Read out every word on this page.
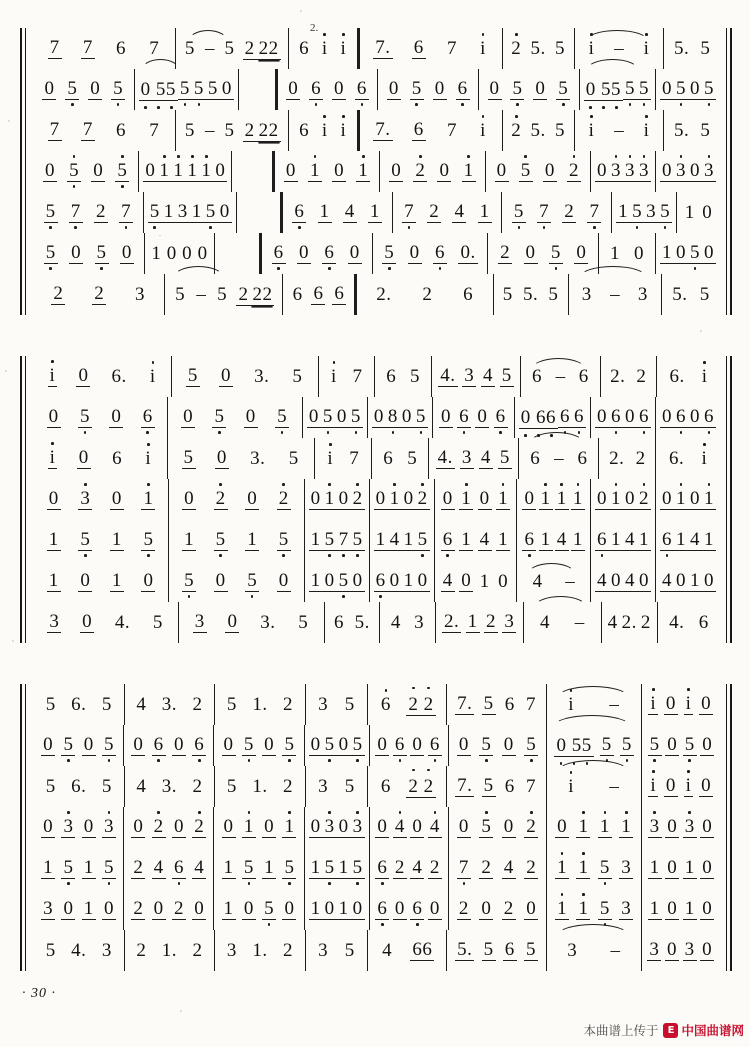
2.
7 7 6 7 5 – 5 2 22 6 i i 7. 6 7 i 2 5. 5 i – i 5. 5
0 5 0 5 0 55 5 5 5 0	0 6 0 6 0 5 0 6 0 5 0 5 0 55 5 5 0 5 0 5
7 7 6 7 5 – 5 2 22 6 i i 7. 6 7 i 2 5. 5 i – i 5. 5
0 5 0 5 0 1 1 1 1 0	0 1 0 1 0 2 0 1 0 5 0 2 0 3 3 3 0 3 0 3
5 7 2 7 5 1 3 1 5 0	6 1 4 1 7 2 4 1 5 7 2 7 1 5 3 5 1 0
5 0 5 0 1 0 0 0	6 0 6 0 5 0 6 0. 2 0 5 0 1 0 1 0 5 0
2 2 3 5 – 5 2 22 6 6 6 2. 2 6 5 5. 5 3 – 3 5. 5
i 0 6. i 5 0 3. 5 i 7 6 5 4. 3 4 5 6 – 6 2. 2 6. i
0 5 0 6 0 5 0 5 0 5 0 5 0 8 0 5 0 6 0 6 0 66 6 6 0 6 0 6 0 6 0 6
i 0 6 i 5 0 3. 5 i 7 6 5 4. 3 4 5 6 – 6 2. 2 6. i
0 3 0 1 0 2 0 2 0 1 0 2 0 1 0 2 0 1 0 1 0 1 1 1 0 1 0 2 0 1 0 1
1 5 1 5 1 5 1 5 1 5 7 5 1 4 1 5 6 1 4 1 6 1 4 1 6 1 4 1 6 1 4 1
1 0 1 0 5 0 5 0 1 0 5 0 6 0 1 0 4 0 1 0 4 – 4 0 4 0 4 0 1 0
3 0 4. 5 3 0 3. 5 6 5. 4 3 2. 1 2 3 4 – 4 2. 2 4. 6
5 6. 5 4 3. 2 5 1. 2 3 5 6 2 2 7. 5 6 7 i – i 0 i 0
0 5 0 5 0 6 0 6 0 5 0 5 0 5 0 5 0 6 0 6 0 5 0 5 0 55 5 5 5 0 5 0
5 6. 5 4 3. 2 5 1. 2 3 5 6 2 2 7. 5 6 7 i – i 0 i 0
0 3 0 3 0 2 0 2 0 1 0 1 0 3 0 3 0 4 0 4 0 5 0 2 0 1 1 1 3 0 3 0
1 5 1 5 2 4 6 4 1 5 1 5 1 5 1 5 6 2 4 2 7 2 4 2 1 1 5 3 1 0 1 0
3 0 1 0 2 0 2 0 1 0 5 0 1 0 1 0 6 0 6 0 2 0 2 0 1 1 5 3 1 0 1 0
5 4. 3 2 1. 2 3 1. 2 3 5 4 66 5. 5 6 5 3 – 3 0 3 0
· 30 ·
本曲谱上传于 E 中国曲谱网
